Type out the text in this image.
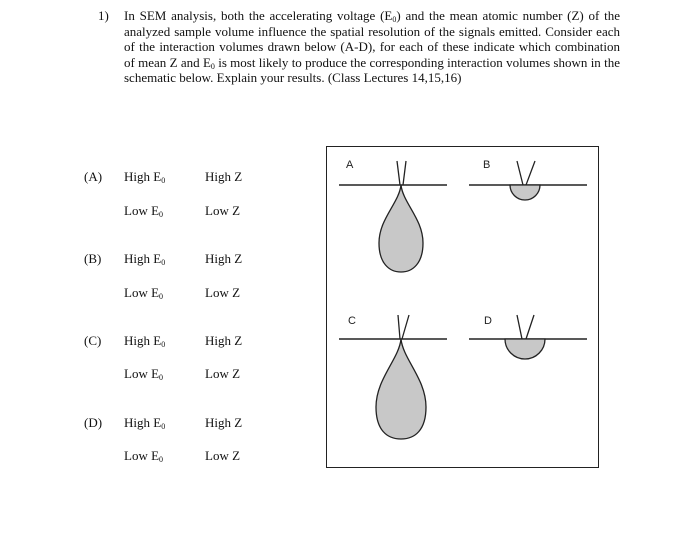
1) In SEM analysis, both the accelerating voltage $(E_0)$ and the mean atomic number (Z) of the analyzed sample volume influence the spatial resolution of the signals emitted. Consider each of the interaction volumes drawn below (A-D), for each of these indicate which combination of mean Z and $E_0$ is most likely to produce the corresponding interaction volumes shown in the schematic below. Explain your results. (Class Lectures 14,15,16)
(A) High $E_0$	High Z
Low $E_0$	Low Z
(B) High $E_0$	High Z
Low $E_0$	Low Z
(C) High $E_0$	High Z
Low $E_0$	Low Z
(D) High $E_0$	High Z
Low $E_0$	Low Z
A	B
C	D
